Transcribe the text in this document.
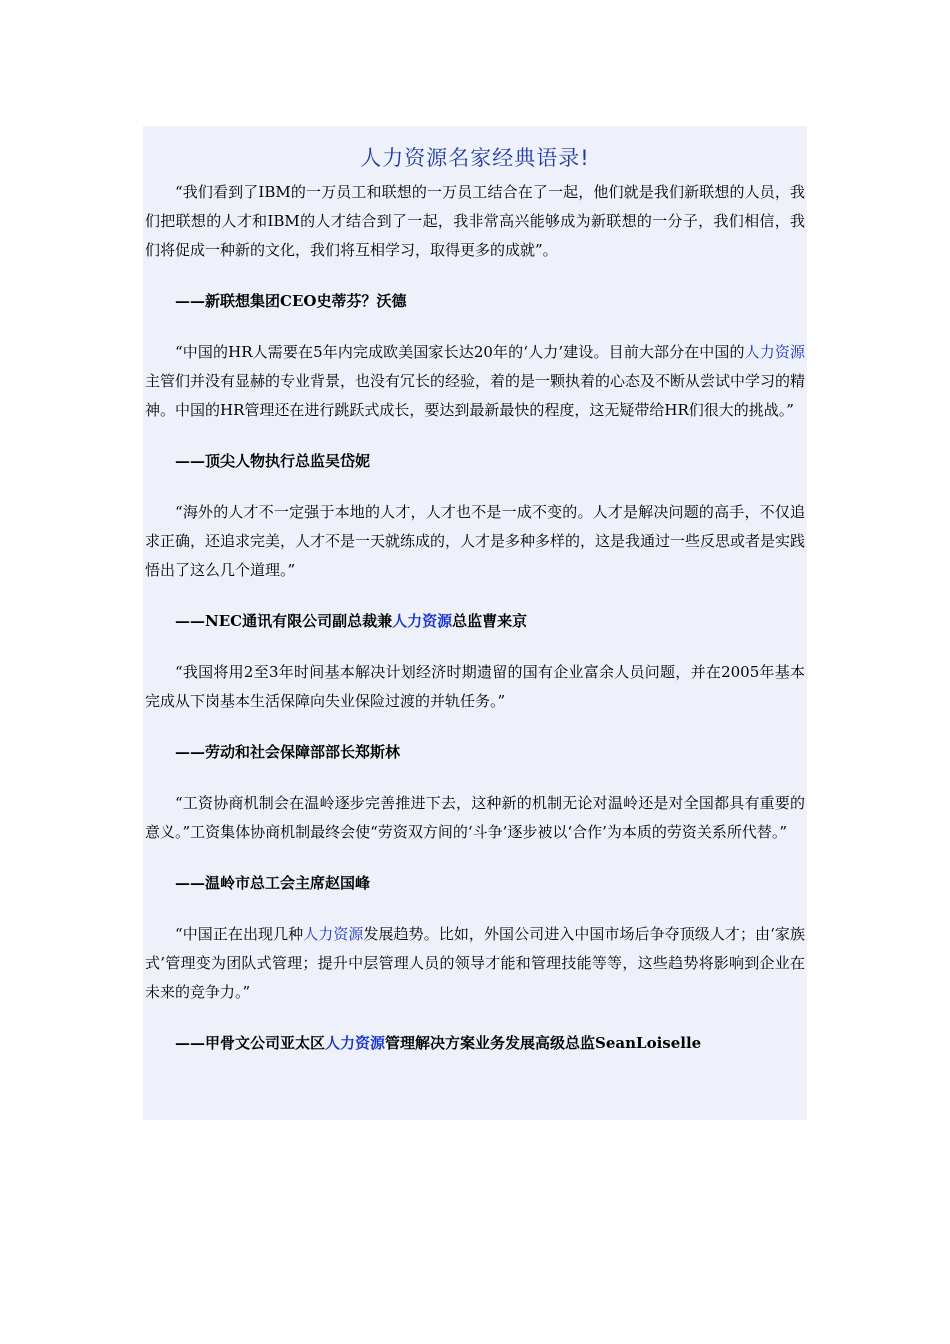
人力资源名家经典语录!

“我们看到了IBM的一万员工和联想的一万员工结合在了一起，他们就是我们新联想的人员，我们把联想的人才和IBM的人才结合到了一起，我非常高兴能够成为新联想的一分子，我们相信，我们将促成一种新的文化，我们将互相学习，取得更多的成就”。

——新联想集团CEO史蒂芬？沃德

“中国的HR人需要在5年内完成欧美国家长达20年的‘人力’建设。目前大部分在中国的人力资源主管们并没有显赫的专业背景，也没有冗长的经验，着的是一颗执着的心态及不断从尝试中学习的精神。中国的HR管理还在进行跳跃式成长，要达到最新最快的程度，这无疑带给HR们很大的挑战。”

——顶尖人物执行总监吴岱妮

“海外的人才不一定强于本地的人才，人才也不是一成不变的。人才是解决问题的高手，不仅追求正确，还追求完美，人才不是一天就练成的，人才是多种多样的，这是我通过一些反思或者是实践悟出了这么几个道理。”

——NEC通讯有限公司副总裁兼人力资源总监曹来京

“我国将用2至3年时间基本解决计划经济时期遗留的国有企业富余人员问题，并在2005年基本完成从下岗基本生活保障向失业保险过渡的并轨任务。”

——劳动和社会保障部部长郑斯林

“工资协商机制会在温岭逐步完善推进下去，这种新的机制无论对温岭还是对全国都具有重要的意义。”工资集体协商机制最终会使“劳资双方间的‘斗争’逐步被以‘合作’为本质的劳资关系所代替。”

——温岭市总工会主席赵国峰

“中国正在出现几种人力资源发展趋势。比如，外国公司进入中国市场后争夺顶级人才；由‘家族式’管理变为团队式管理；提升中层管理人员的领导才能和管理技能等等，这些趋势将影响到企业在未来的竞争力。”

——甲骨文公司亚太区人力资源管理解决方案业务发展高级总监SeanLoiselle
